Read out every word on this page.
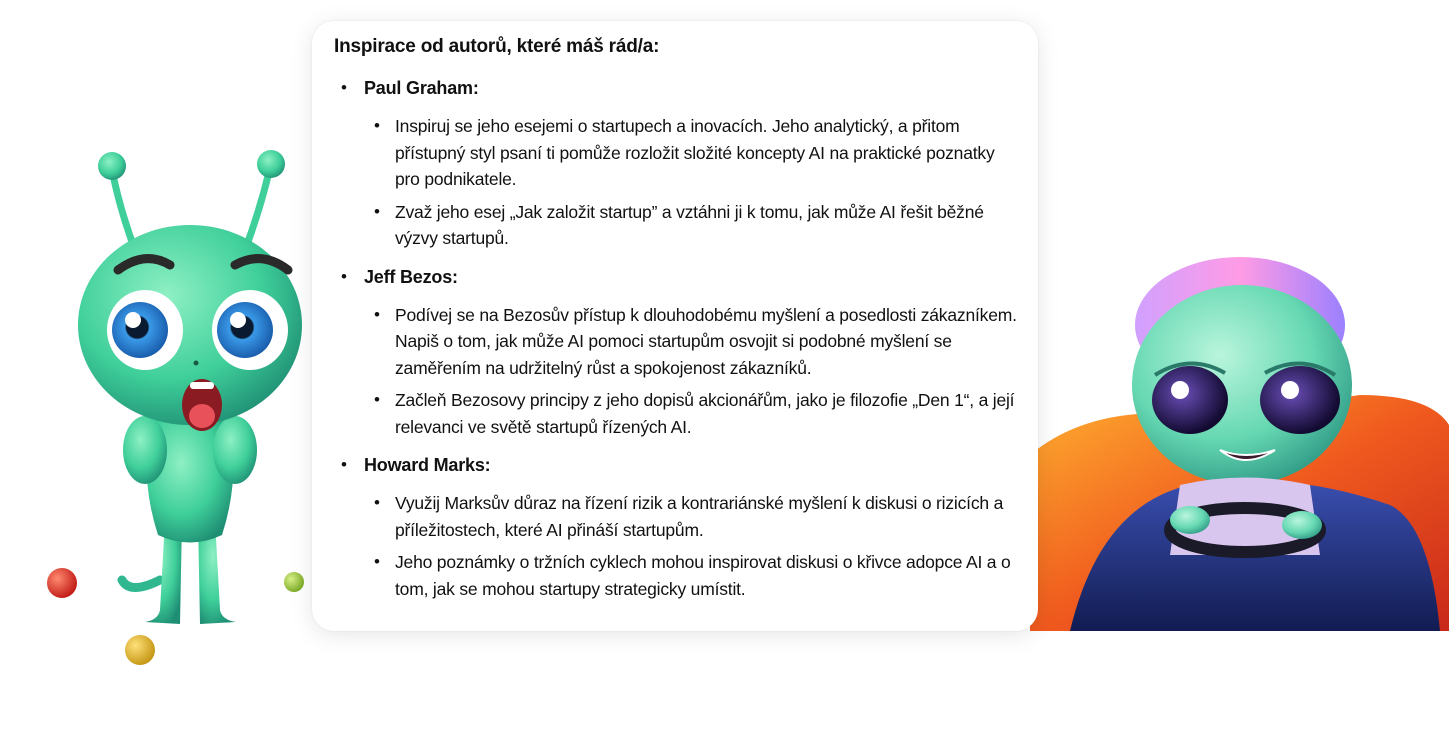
Inspirace od autorů, které máš rád/a:
• Paul Graham:
• Inspiruj se jeho esejemi o startupech a inovacích. Jeho analytický, a přitom přístupný styl psaní ti pomůže rozložit složité koncepty AI na praktické poznatky pro podnikatele.
• Zvaž jeho esej „Jak založit startup” a vztáhni ji k tomu, jak může AI řešit běžné výzvy startupů.
• Jeff Bezos:
• Podívej se na Bezosův přístup k dlouhodobému myšlení a posedlosti zákazníkem. Napiš o tom, jak může AI pomoci startupům osvojit si podobné myšlení se zaměřením na udržitelný růst a spokojenost zákazníků.
• Začleň Bezosovy principy z jeho dopisů akcionářům, jako je filozofie „Den 1“, a její relevanci ve světě startupů řízených AI.
• Howard Marks:
• Využij Marksův důraz na řízení rizik a kontrariánské myšlení k diskusi o rizicích a příležitostech, které AI přináší startupům.
• Jeho poznámky o tržních cyklech mohou inspirovat diskusi o křivce adopce AI a o tom, jak se mohou startupy strategicky umístit.
